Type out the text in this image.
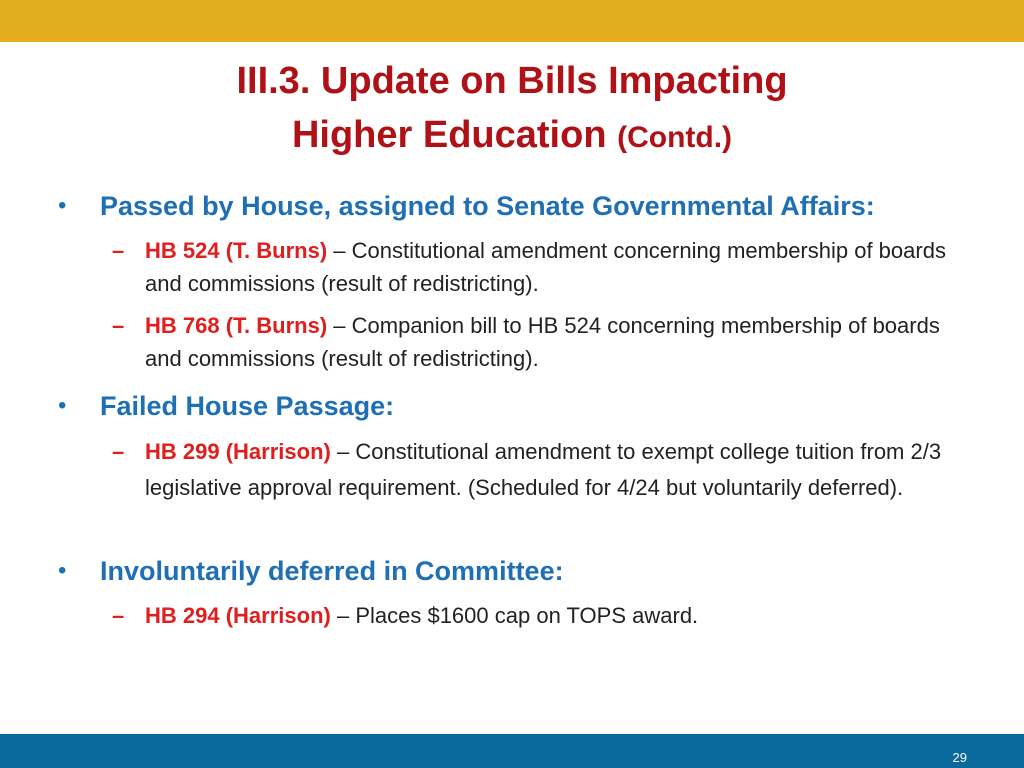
III.3. Update on Bills Impacting
Higher Education (Contd.)
• Passed by House, assigned to Senate Governmental Affairs:
– HB 524 (T. Burns) – Constitutional amendment concerning membership of boards and commissions (result of redistricting).
– HB 768 (T. Burns) – Companion bill to HB 524 concerning membership of boards and commissions (result of redistricting).
• Failed House Passage:
– HB 299 (Harrison) – Constitutional amendment to exempt college tuition from 2/3 legislative approval requirement. (Scheduled for 4/24 but voluntarily deferred).
• Involuntarily deferred in Committee:
– HB 294 (Harrison) – Places $1600 cap on TOPS award.
29
